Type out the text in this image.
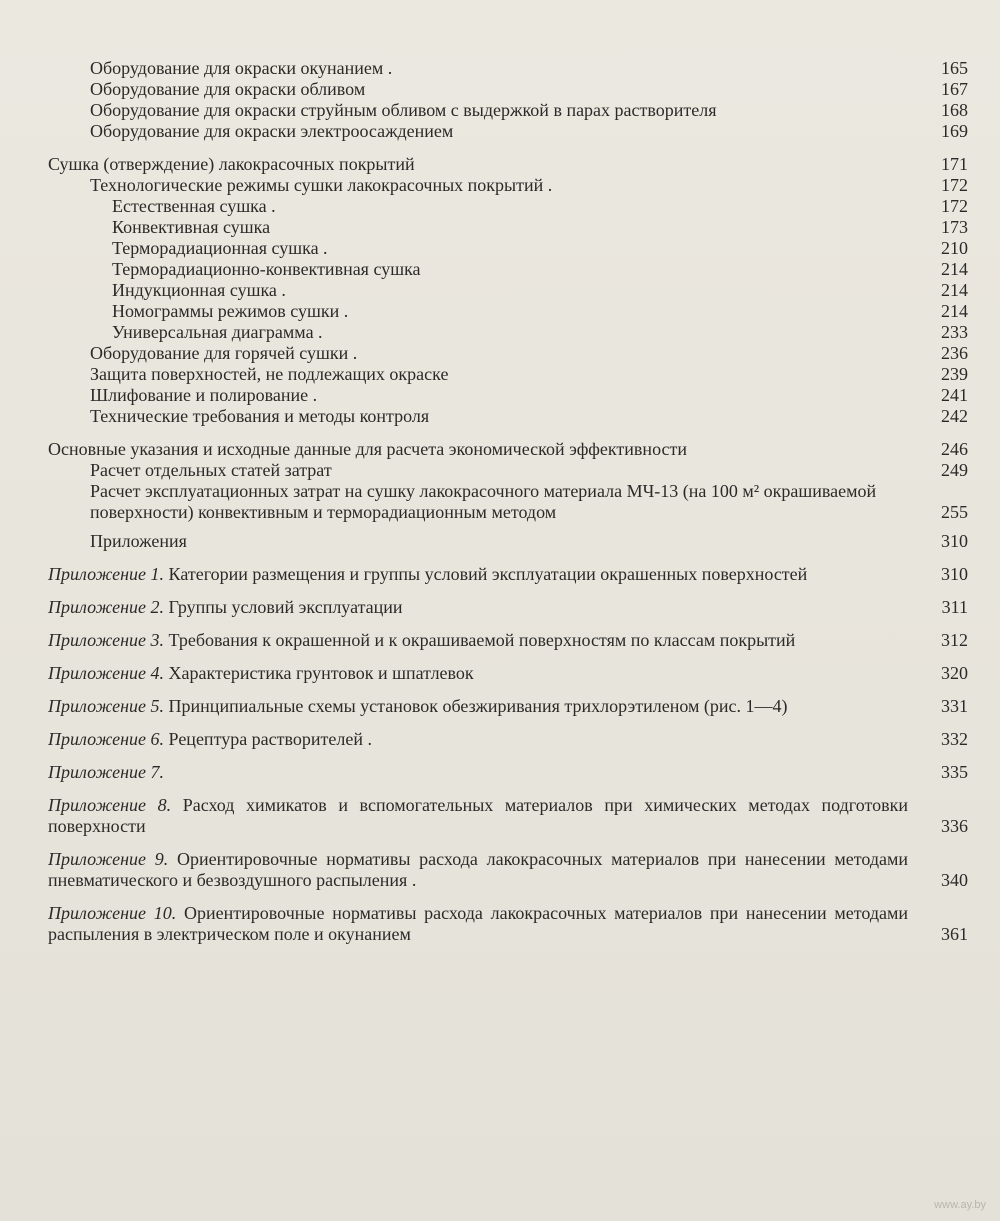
Оборудование для окраски окунанием .	165
Оборудование для окраски обливом	167
Оборудование для окраски струйным обливом с выдержкой в парах растворителя	168
Оборудование для окраски электроосаждением	169
Сушка (отверждение) лакокрасочных покрытий	171
Технологические режимы сушки лакокрасочных покрытий .	172
Естественная сушка .	172
Конвективная сушка	173
Терморадиационная сушка .	210
Терморадиационно-конвективная сушка	214
Индукционная сушка .	214
Номограммы режимов сушки .	214
Универсальная диаграмма .	233
Оборудование для горячей сушки .	236
Защита поверхностей, не подлежащих окраске	239
Шлифование и полирование .	241
Технические требования и методы контроля	242
Основные указания и исходные данные для расчета экономической эффективности	246
Расчет отдельных статей затрат	249
Расчет эксплуатационных затрат на сушку лакокрасочного материала МЧ-13 (на 100 м² окрашиваемой поверхности) конвективным и терморадиационным методом	255
Приложения	310
Приложение 1. Категории размещения и группы условий эксплуатации окрашенных поверхностей	310
Приложение 2. Группы условий эксплуатации	311
Приложение 3. Требования к окрашенной и к окрашиваемой поверхностям по классам покрытий	312
Приложение 4. Характеристика грунтовок и шпатлевок	320
Приложение 5. Принципиальные схемы установок обезжиривания трихлорэтиленом (рис. 1—4)	331
Приложение 6. Рецептура растворителей .	332
Приложение 7.	335
Приложение 8. Расход химикатов и вспомогательных материалов при химических методах подготовки поверхности	336
Приложение 9. Ориентировочные нормативы расхода лакокрасочных материалов при нанесении методами пневматического и безвоздушного распыления .	340
Приложение 10. Ориентировочные нормативы расхода лакокрасочных материалов при нанесении методами распыления в электрическом поле и окунанием	361
www.ay.by
